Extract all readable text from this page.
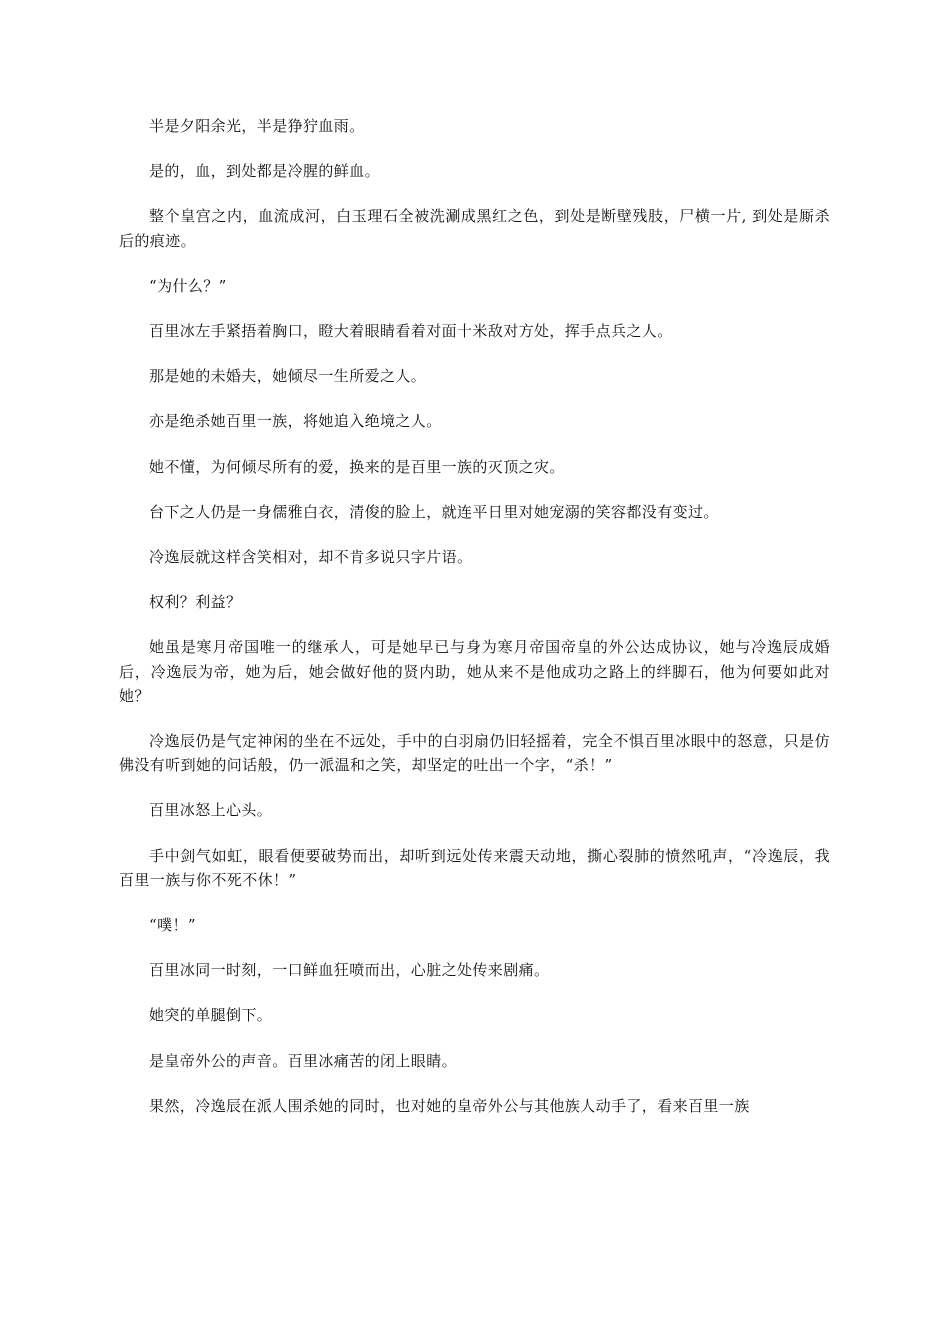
半是夕阳余光，半是狰狞血雨。

是的，血，到处都是冷腥的鲜血。

整个皇宫之内，血流成河，白玉理石全被洗涮成黑红之色，到处是断壁残肢，尸横一片, 到处是厮杀后的痕迹。

“为什么？”

百里冰左手紧捂着胸口，瞪大着眼睛看着对面十米敌对方处，挥手点兵之人。

那是她的未婚夫，她倾尽一生所爱之人。

亦是绝杀她百里一族，将她追入绝境之人。

她不懂，为何倾尽所有的爱，换来的是百里一族的灭顶之灾。

台下之人仍是一身儒雅白衣，清俊的脸上，就连平日里对她宠溺的笑容都没有变过。

冷逸辰就这样含笑相对，却不肯多说只字片语。

权利？利益？

她虽是寒月帝国唯一的继承人，可是她早已与身为寒月帝国帝皇的外公达成协议，她与冷逸辰成婚后，冷逸辰为帝，她为后，她会做好他的贤内助，她从来不是他成功之路上的绊脚石，他为何要如此对她？

冷逸辰仍是气定神闲的坐在不远处，手中的白羽扇仍旧轻摇着，完全不惧百里冰眼中的怒意，只是仿佛没有听到她的问话般，仍一派温和之笑，却坚定的吐出一个字，“杀！”

百里冰怒上心头。

手中剑气如虹，眼看便要破势而出，却听到远处传来震天动地，撕心裂肺的愤然吼声，“冷逸辰，我百里一族与你不死不休！”

“噗！”

百里冰同一时刻，一口鲜血狂喷而出，心脏之处传来剧痛。

她突的单腿倒下。

是皇帝外公的声音。百里冰痛苦的闭上眼睛。

果然，冷逸辰在派人围杀她的同时，也对她的皇帝外公与其他族人动手了，看来百里一族
